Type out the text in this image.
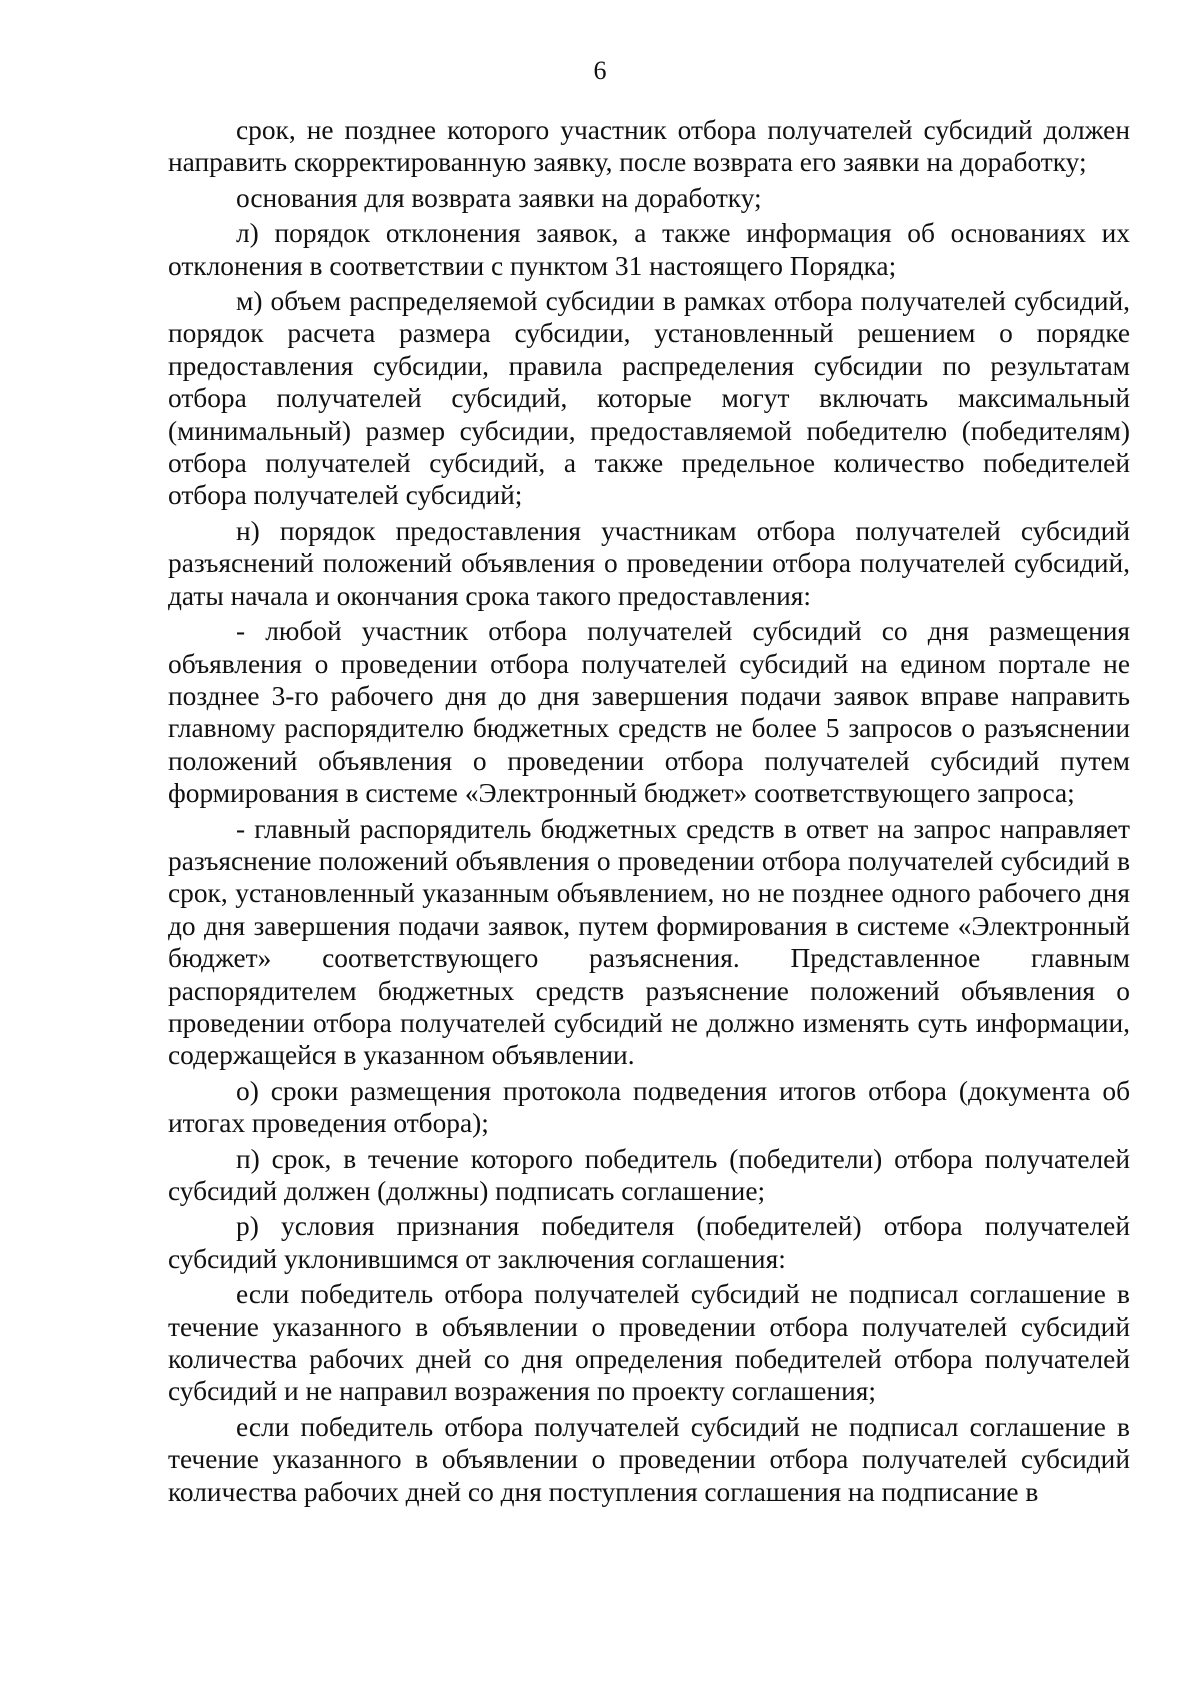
6

срок, не позднее которого участник отбора получателей субсидий должен направить скорректированную заявку, после возврата его заявки на доработку;

основания для возврата заявки на доработку;

л) порядок отклонения заявок, а также информация об основаниях их отклонения в соответствии с пунктом 31 настоящего Порядка;

м) объем распределяемой субсидии в рамках отбора получателей субсидий, порядок расчета размера субсидии, установленный решением о порядке предоставления субсидии, правила распределения субсидии по результатам отбора получателей субсидий, которые могут включать максимальный (минимальный) размер субсидии, предоставляемой победителю (победителям) отбора получателей субсидий, а также предельное количество победителей отбора получателей субсидий;

н) порядок предоставления участникам отбора получателей субсидий разъяснений положений объявления о проведении отбора получателей субсидий, даты начала и окончания срока такого предоставления:

- любой участник отбора получателей субсидий со дня размещения объявления о проведении отбора получателей субсидий на едином портале не позднее 3-го рабочего дня до дня завершения подачи заявок вправе направить главному распорядителю бюджетных средств не более 5 запросов о разъяснении положений объявления о проведении отбора получателей субсидий путем формирования в системе «Электронный бюджет» соответствующего запроса;

- главный распорядитель бюджетных средств в ответ на запрос направляет разъяснение положений объявления о проведении отбора получателей субсидий в срок, установленный указанным объявлением, но не позднее одного рабочего дня до дня завершения подачи заявок, путем формирования в системе «Электронный бюджет» соответствующего разъяснения. Представленное главным распорядителем бюджетных средств разъяснение положений объявления о проведении отбора получателей субсидий не должно изменять суть информации, содержащейся в указанном объявлении.

о) сроки размещения протокола подведения итогов отбора (документа об итогах проведения отбора);

п) срок, в течение которого победитель (победители) отбора получателей субсидий должен (должны) подписать соглашение;

р) условия признания победителя (победителей) отбора получателей субсидий уклонившимся от заключения соглашения:

если победитель отбора получателей субсидий не подписал соглашение в течение указанного в объявлении о проведении отбора получателей субсидий количества рабочих дней со дня определения победителей отбора получателей субсидий и не направил возражения по проекту соглашения;

если победитель отбора получателей субсидий не подписал соглашение в течение указанного в объявлении о проведении отбора получателей субсидий количества рабочих дней со дня поступления соглашения на подписание в
